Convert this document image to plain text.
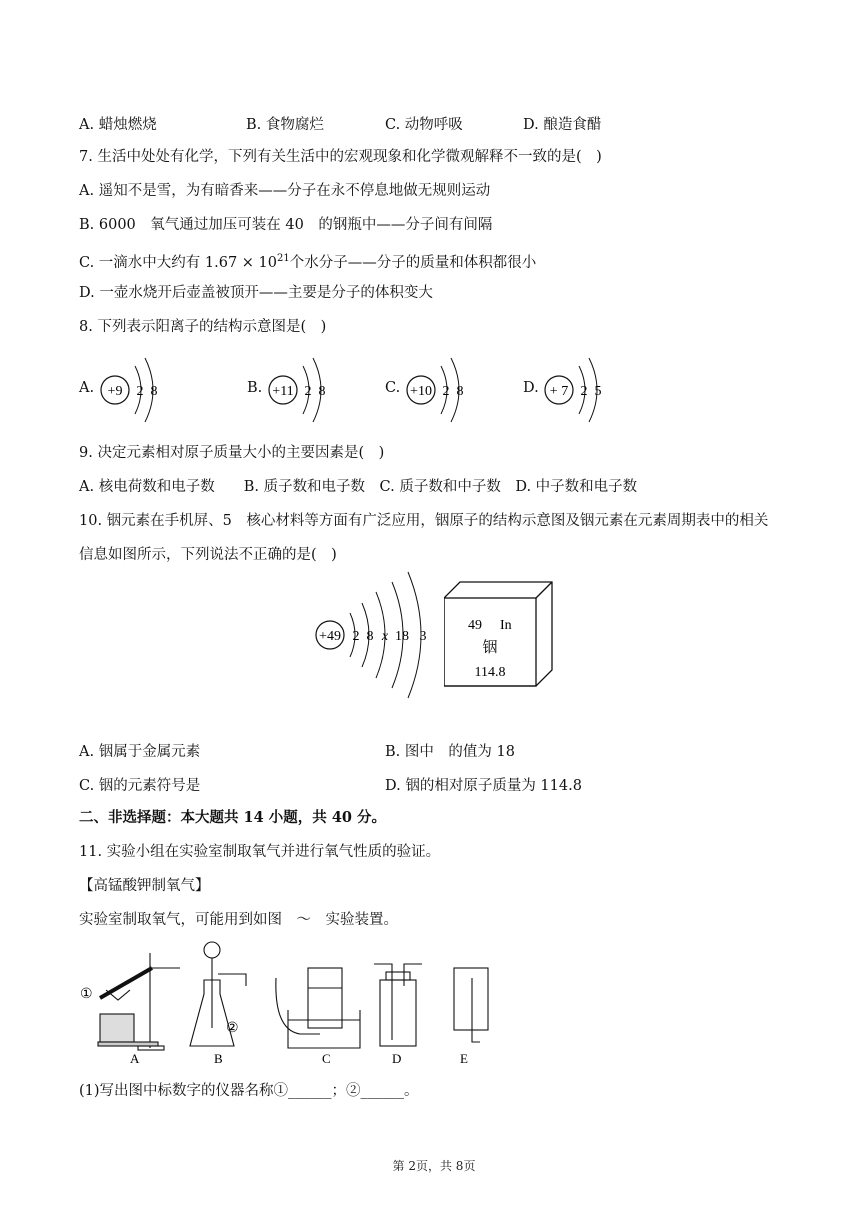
A. 蜡烛燃烧	B. 食物腐烂	C. 动物呼吸	D. 酿造食醋
7. 生活中处处有化学，下列有关生活中的宏观现象和化学微观解释不一致的是( )
A. 遥知不是雪，为有暗香来——分子在永不停息地做无规则运动
B. 6000 氧气通过加压可装在 40 的钢瓶中——分子间有间隔
C. 一滴水中大约有 $1.67 \times 10^{21}$个水分子——分子的质量和体积都很小
D. 一壶水烧开后壶盖被顶开——主要是分子的体积变大
8. 下列表示阳离子的结构示意图是( )
A.	B.	C.	D.
+9 2 8	+11 2 8	+10 2 8	+ 7 2 5
9. 决定元素相对原子质量大小的主要因素是( )
A. 核电荷数和电子数  B. 质子数和电子数 C. 质子数和中子数 D. 中子数和电子数
10. 铟元素在手机屏、5 核心材料等方面有广泛应用，铟原子的结构示意图及铟元素在元素周期表中的相关
信息如图所示，下列说法不正确的是( )
+49 2 8 x 18 3
49 In
铟
114.8
A. 铟属于金属元素	B. 图中 的值为 18
C. 铟的元素符号是	D. 铟的相对原子质量为 114.8
二、非选择题：本大题共 14 小题，共 40 分。
11. 实验小组在实验室制取氧气并进行氧气性质的验证。
【高锰酸钾制氧气】
实验室制取氧气，可能用到如图 ～ 实验装置。
①
A
②
B	C	D	E
(1)写出图中标数字的仪器名称①______；②______。
第 2页，共 8页
